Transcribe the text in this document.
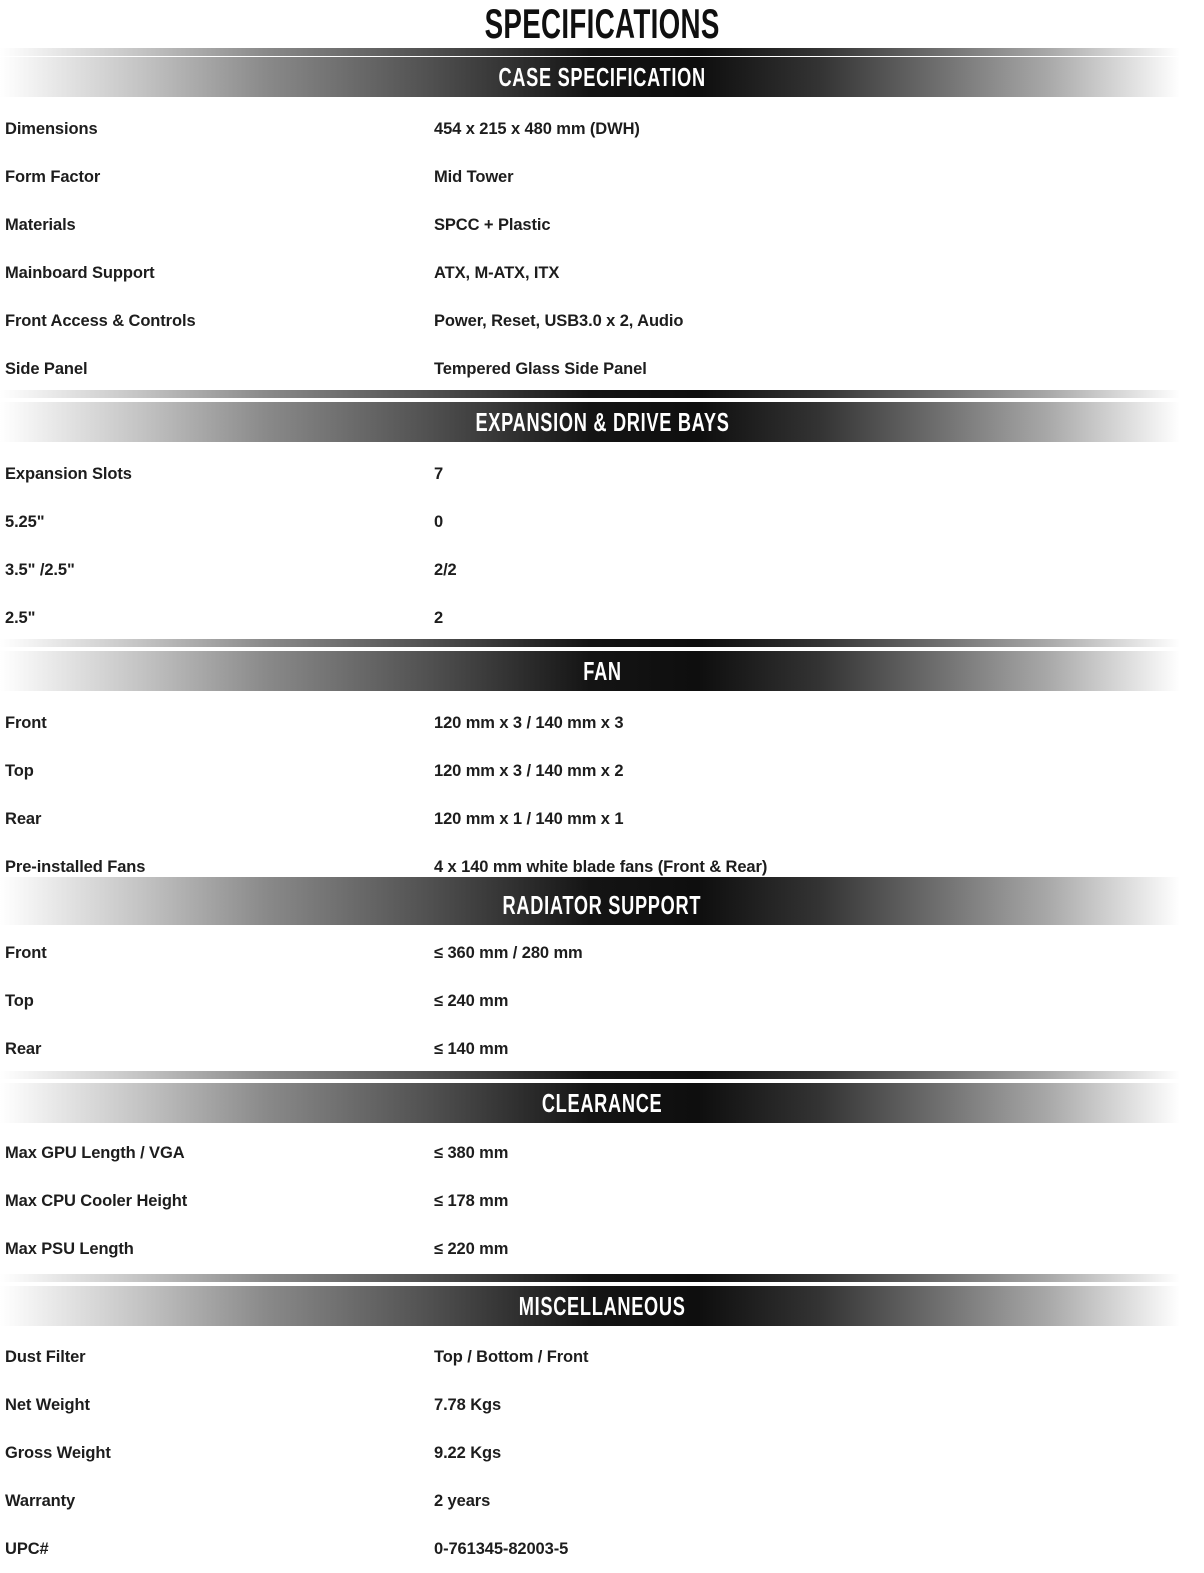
SPECIFICATIONS
CASE SPECIFICATION
Dimensions	454 x 215 x 480 mm (DWH)
Form Factor	Mid Tower
Materials	SPCC + Plastic
Mainboard Support	ATX, M-ATX, ITX
Front Access & Controls	Power, Reset, USB3.0 x 2, Audio
Side Panel	Tempered Glass Side Panel
EXPANSION & DRIVE BAYS
Expansion Slots	7
5.25"	0
3.5" /2.5"	2/2
2.5"	2
FAN
Front	120 mm x 3 / 140 mm x 3
Top	120 mm x 3 / 140 mm x 2
Rear	120 mm x 1 / 140 mm x 1
Pre-installed Fans	4 x 140 mm white blade fans (Front & Rear)
RADIATOR SUPPORT
Front	≤ 360 mm / 280 mm
Top	≤ 240 mm
Rear	≤ 140 mm
CLEARANCE
Max GPU Length / VGA	≤ 380 mm
Max CPU Cooler Height	≤ 178 mm
Max PSU Length	≤ 220 mm
MISCELLANEOUS
Dust Filter	Top / Bottom / Front
Net Weight	7.78 Kgs
Gross Weight	9.22 Kgs
Warranty	2 years
UPC#	0-761345-82003-5
